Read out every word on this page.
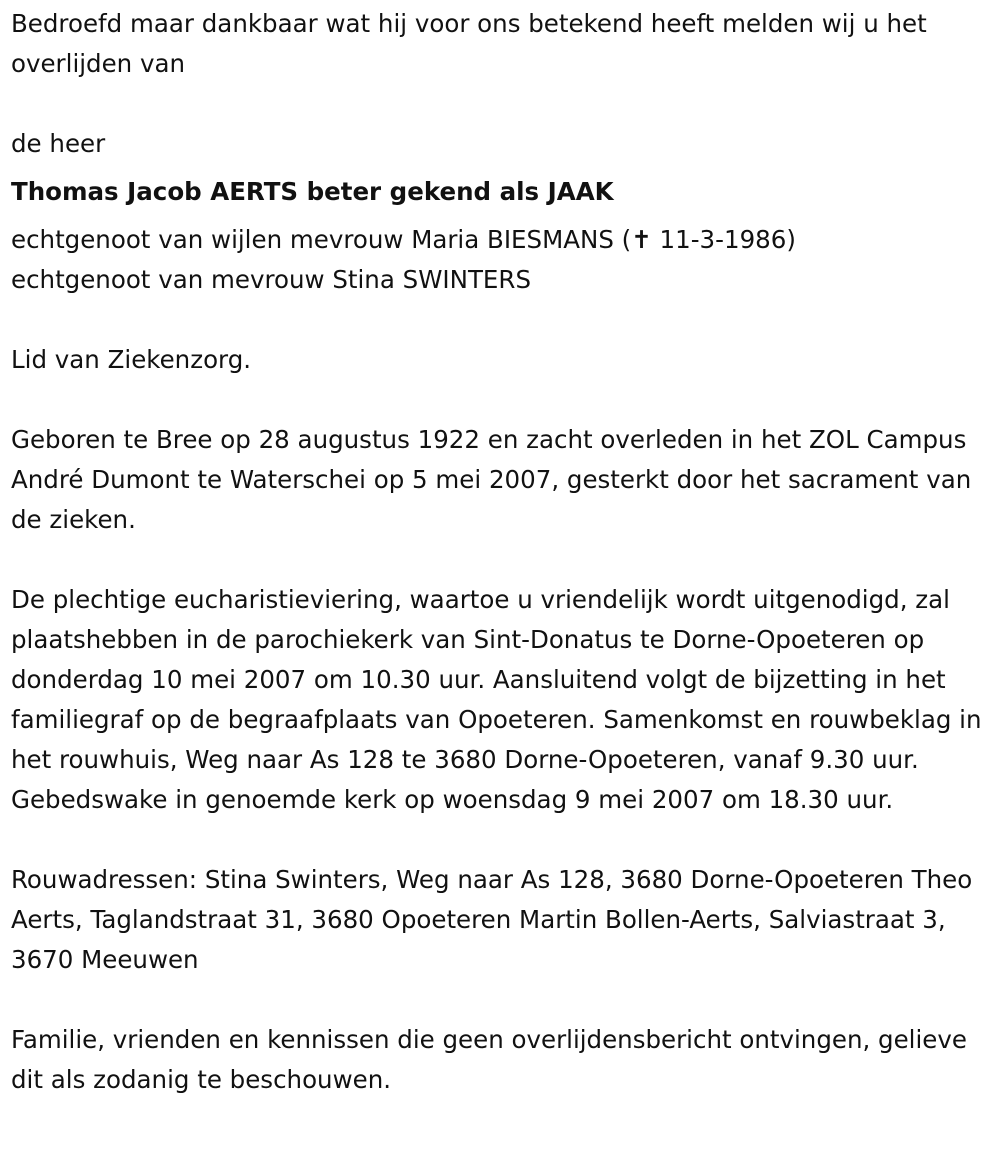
Bedroefd maar dankbaar wat hij voor ons betekend heeft melden wij u het overlijden van

de heer

Thomas Jacob AERTS beter gekend als JAAK

echtgenoot van wijlen mevrouw Maria BIESMANS (✝ 11-3-1986)

echtgenoot van mevrouw Stina SWINTERS

Lid van Ziekenzorg.

Geboren te Bree op 28 augustus 1922 en zacht overleden in het ZOL Campus André Dumont te Waterschei op 5 mei 2007, gesterkt door het sacrament van de zieken.

De plechtige eucharistieviering, waartoe u vriendelijk wordt uitgenodigd, zal plaatshebben in de parochiekerk van Sint-Donatus te Dorne-Opoeteren op donderdag 10 mei 2007 om 10.30 uur. Aansluitend volgt de bijzetting in het familiegraf op de begraafplaats van Opoeteren. Samenkomst en rouwbeklag in het rouwhuis, Weg naar As 128 te 3680 Dorne-Opoeteren, vanaf 9.30 uur. Gebedswake in genoemde kerk op woensdag 9 mei 2007 om 18.30 uur.

Rouwadressen: Stina Swinters, Weg naar As 128, 3680 Dorne-Opoeteren Theo Aerts, Taglandstraat 31, 3680 Opoeteren Martin Bollen-Aerts, Salviastraat 3, 3670 Meeuwen

Familie, vrienden en kennissen die geen overlijdensbericht ontvingen, gelieve dit als zodanig te beschouwen.
